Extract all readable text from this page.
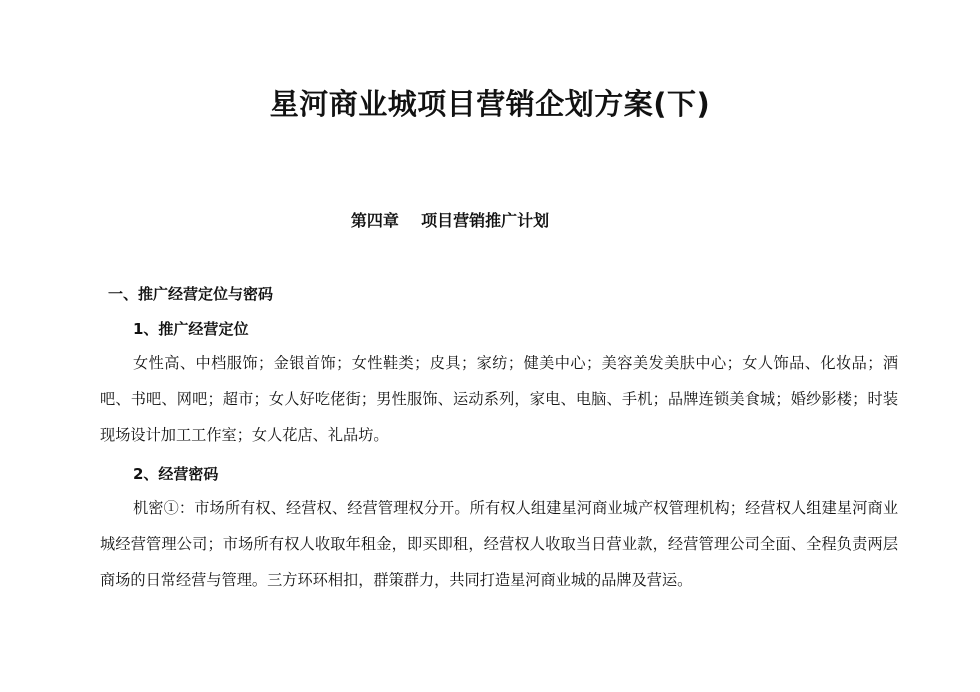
星河商业城项目营销企划方案(下)
第四章    项目营销推广计划
一、推广经营定位与密码
1、推广经营定位

女性高、中档服饰；金银首饰；女性鞋类；皮具；家纺；健美中心；美容美发美肤中心；女人饰品、化妆品；酒吧、书吧、网吧；超市；女人好吃佬街；男性服饰、运动系列，家电、电脑、手机；品牌连锁美食城；婚纱影楼；时装现场设计加工工作室；女人花店、礼品坊。

2、经营密码

机密①：市场所有权、经营权、经营管理权分开。所有权人组建星河商业城产权管理机构；经营权人组建星河商业城经营管理公司；市场所有权人收取年租金，即买即租，经营权人收取当日营业款，经营管理公司全面、全程负责两层商场的日常经营与管理。三方环环相扣，群策群力，共同打造星河商业城的品牌及营运。
